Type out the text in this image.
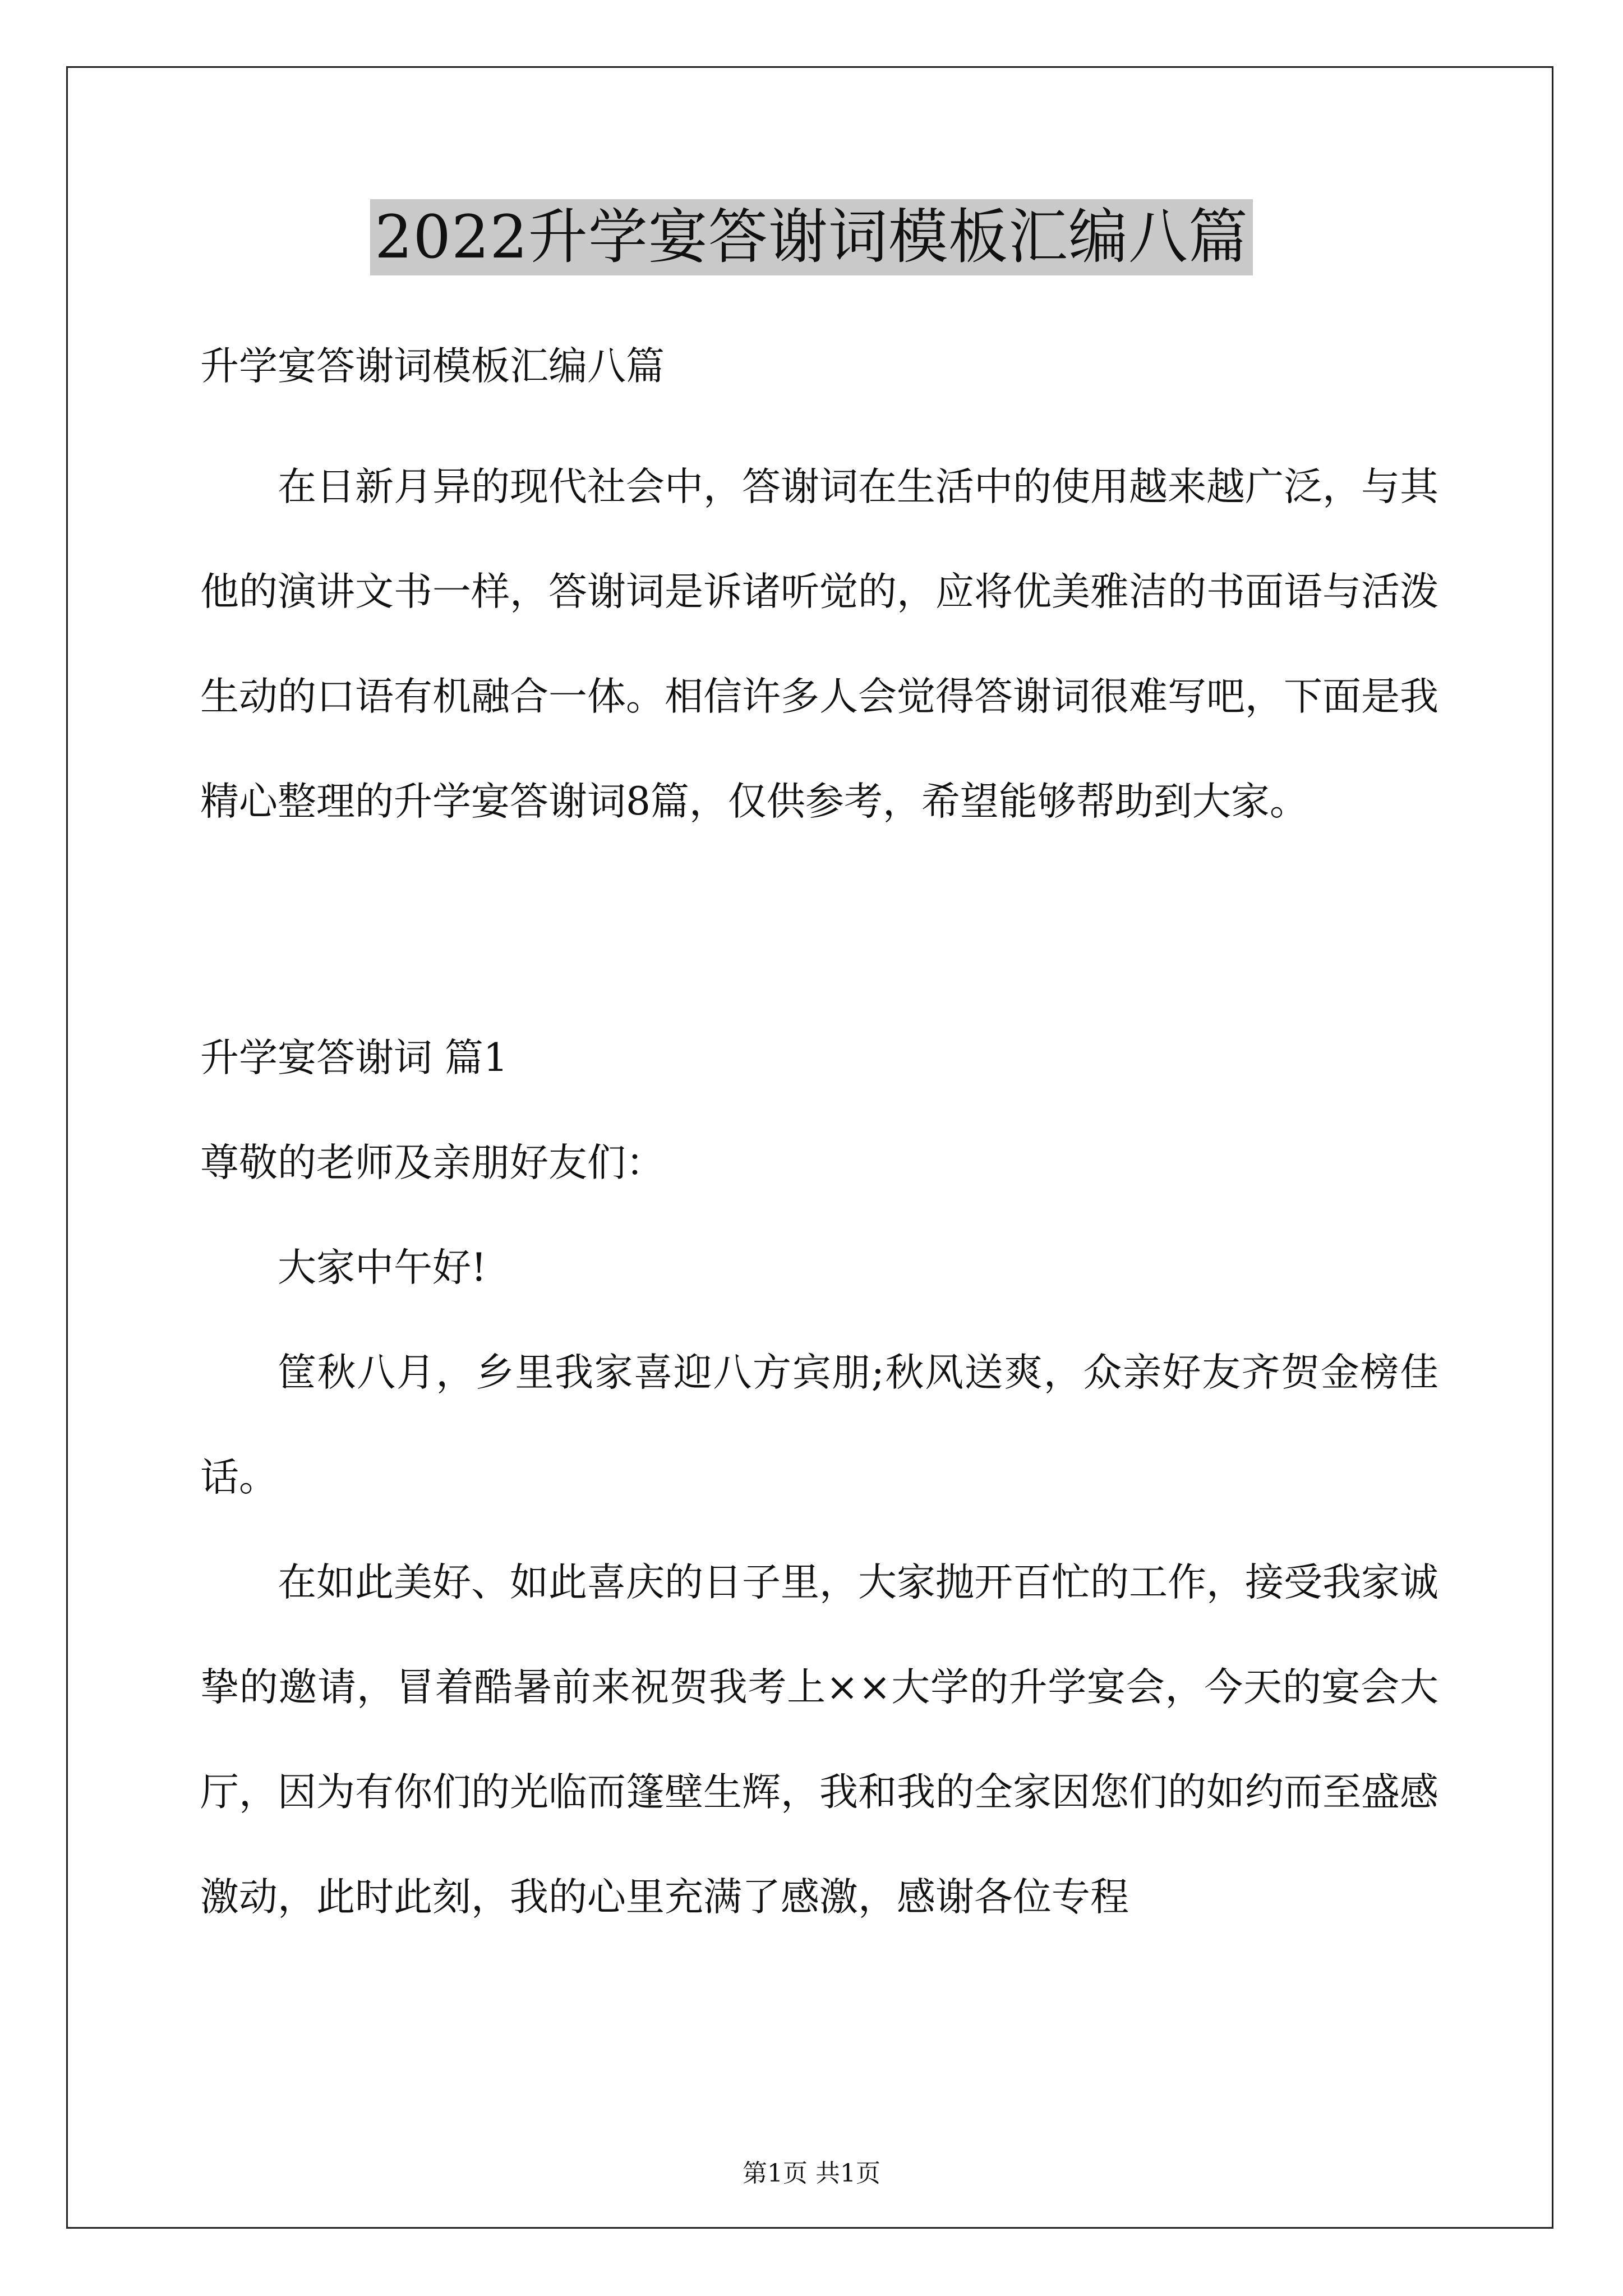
2022升学宴答谢词模板汇编八篇
升学宴答谢词模板汇编八篇
在日新月异的现代社会中，答谢词在生活中的使用越来越广泛，与其他的演讲文书一样，答谢词是诉诸听觉的，应将优美雅洁的书面语与活泼生动的口语有机融合一体。相信许多人会觉得答谢词很难写吧，下面是我精心整理的升学宴答谢词8篇，仅供参考，希望能够帮助到大家。
升学宴答谢词 篇1
尊敬的老师及亲朋好友们：
大家中午好!
筐秋八月，乡里我家喜迎八方宾朋;秋风送爽，众亲好友齐贺金榜佳话。
在如此美好、如此喜庆的日子里，大家抛开百忙的工作，接受我家诚挚的邀请，冒着酷暑前来祝贺我考上××大学的升学宴会，今天的宴会大厅，因为有你们的光临而篷壁生辉，我和我的全家因您们的如约而至盛感激动，此时此刻，我的心里充满了感激，感谢各位专程
第1页 共1页
